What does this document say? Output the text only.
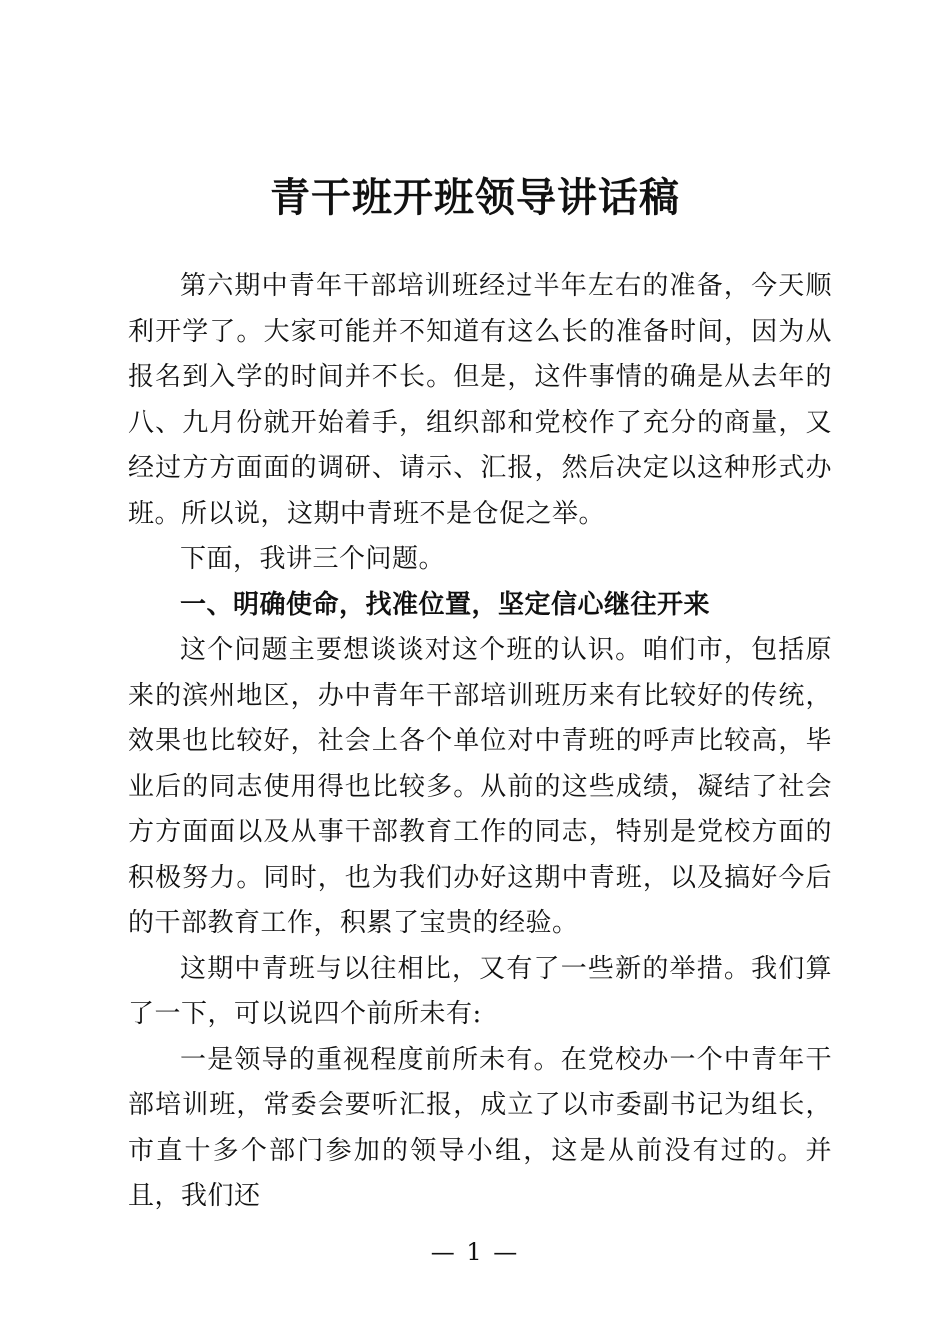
青干班开班领导讲话稿

第六期中青年干部培训班经过半年左右的准备，今天顺利开学了。大家可能并不知道有这么长的准备时间，因为从报名到入学的时间并不长。但是，这件事情的确是从去年的八、九月份就开始着手，组织部和党校作了充分的商量，又经过方方面面的调研、请示、汇报，然后决定以这种形式办班。所以说，这期中青班不是仓促之举。

下面，我讲三个问题。

一、明确使命，找准位置，坚定信心继往开来

这个问题主要想谈谈对这个班的认识。咱们市，包括原来的滨州地区，办中青年干部培训班历来有比较好的传统，效果也比较好，社会上各个单位对中青班的呼声比较高，毕业后的同志使用得也比较多。从前的这些成绩，凝结了社会方方面面以及从事干部教育工作的同志，特别是党校方面的积极努力。同时，也为我们办好这期中青班，以及搞好今后的干部教育工作，积累了宝贵的经验。

这期中青班与以往相比，又有了一些新的举措。我们算了一下，可以说四个前所未有:

一是领导的重视程度前所未有。在党校办一个中青年干部培训班，常委会要听汇报，成立了以市委副书记为组长，市直十多个部门参加的领导小组，这是从前没有过的。并且，我们还

— 1 —
